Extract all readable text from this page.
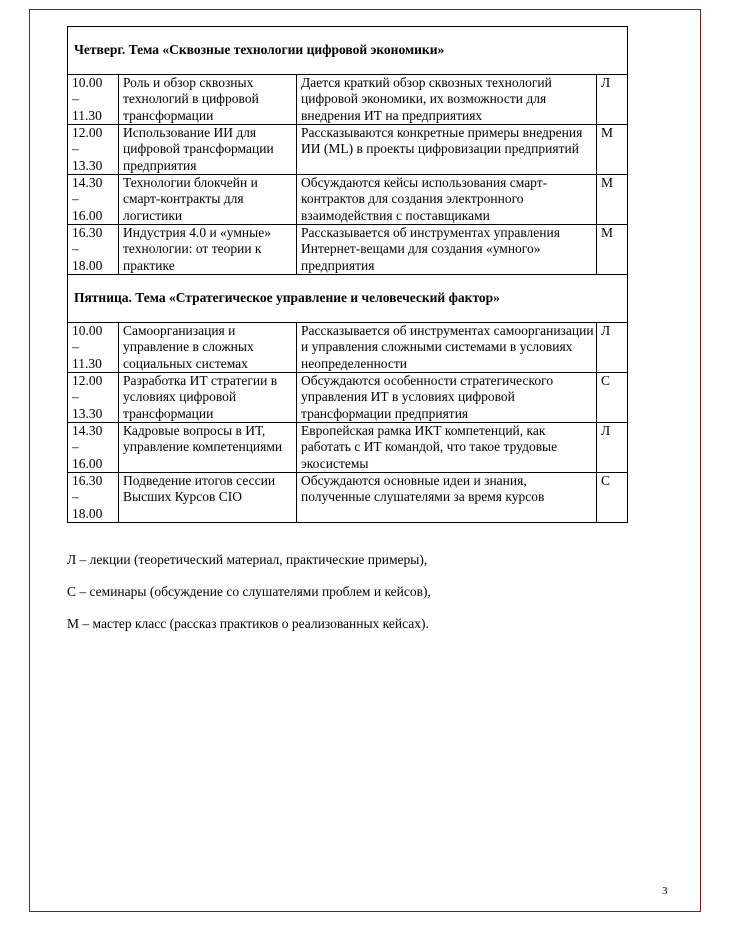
Четверг. Тема «Сквозные технологии цифровой экономики»			

10.00
–
11.30	Роль и обзор сквозных технологий в цифровой трансформации	Дается краткий обзор сквозных технологий цифровой экономики, их возможности для внедрения ИТ на предприятиях	Л

12.00
–
13.30	Использование ИИ для цифровой трансформации предприятия	Рассказываются конкретные примеры внедрения ИИ (ML) в проекты цифровизации предприятий	М

14.30
–
16.00	Технологии блокчейн и смарт-контракты для логистики	Обсуждаются кейсы использования смарт-контрактов для создания электронного взаимодействия с поставщиками	М

16.30
–
18.00	Индустрия 4.0 и «умные» технологии: от теории к практике	Рассказывается об инструментах управления Интернет-вещами для создания «умного» предприятия	М
Пятница. Тема «Стратегическое управление и человеческий фактор»			

10.00
–
11.30	Самоорганизация и управление в сложных социальных системах	Рассказывается об инструментах самоорганизации и управления сложными системами в условиях неопределенности	Л

12.00
–
13.30	Разработка ИТ стратегии в условиях цифровой трансформации	Обсуждаются особенности стратегического управления ИТ в условиях цифровой трансформации предприятия	С

14.30
–
16.00	Кадровые вопросы в ИТ, управление компетенциями	Европейская рамка ИКТ компетенций, как работать с ИТ командой, что такое трудовые экосистемы	Л

16.30
–
18.00	Подведение итогов сессии Высших Курсов CIO	Обсуждаются основные идеи и знания, полученные слушателями за время курсов	С

Л – лекции (теоретический материал, практические примеры),

С – семинары (обсуждение со слушателями проблем и кейсов),

М – мастер класс (рассказ практиков о реализованных кейсах).

3
